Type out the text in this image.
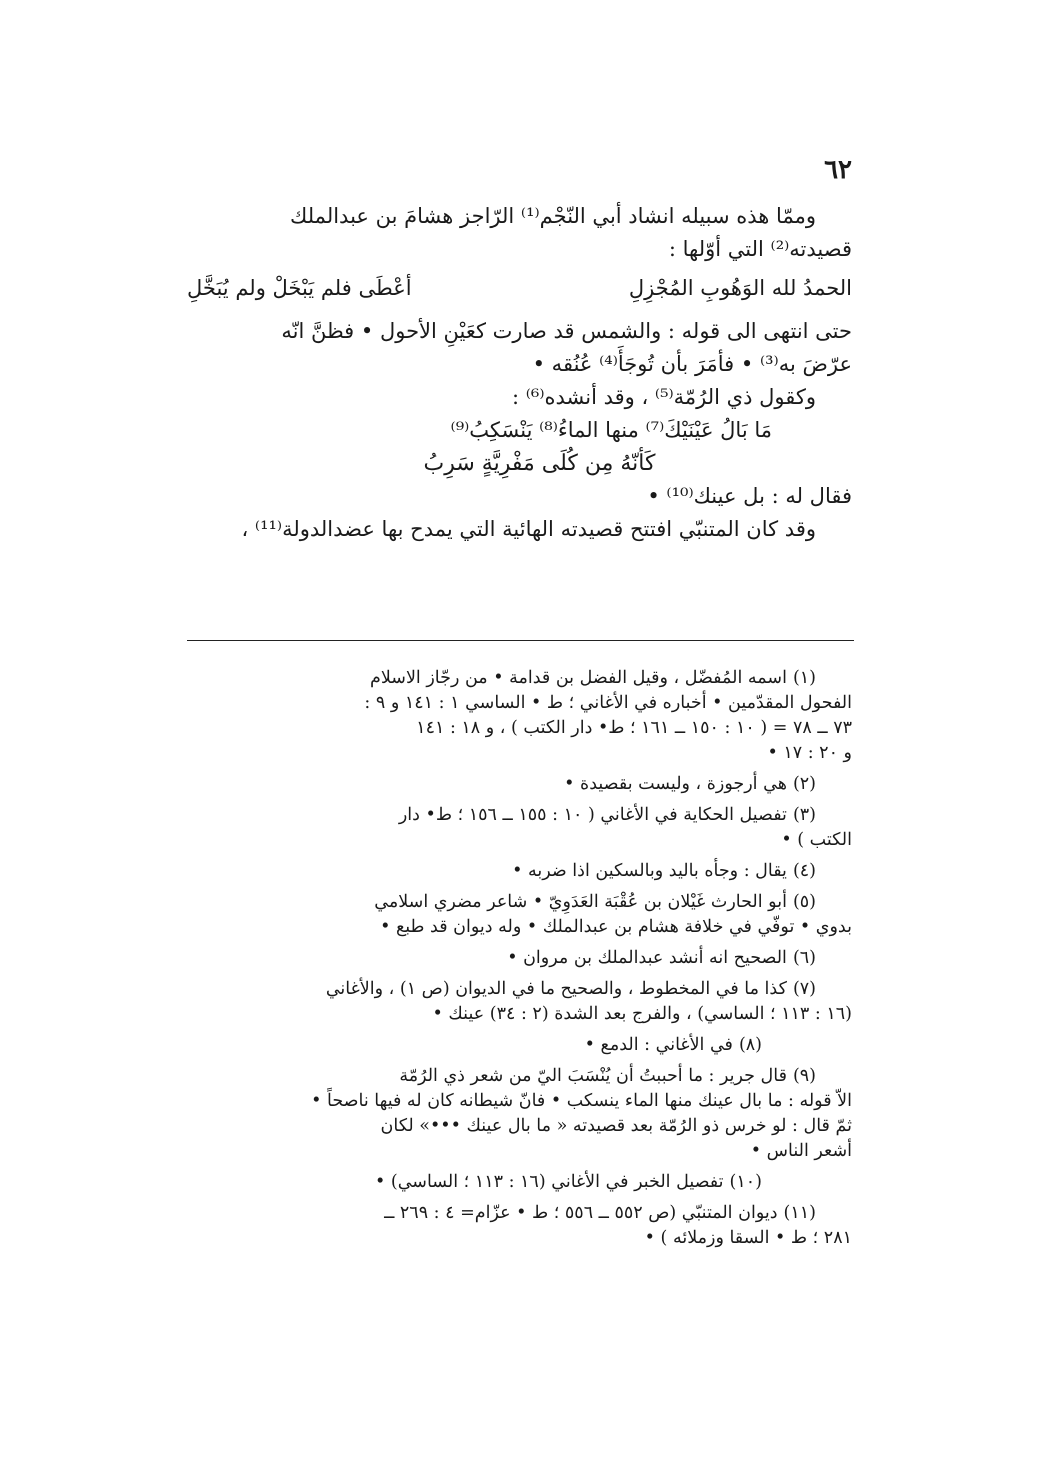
٦٢

وممّا هذه سبيله انشاد أبي النّجْم⁽¹⁾ الرّاجز هشامَ بن عبدالملك

قصيدته⁽²⁾ التي أوّلها :

الحمدُ لله الوَهُوبِ المُجْزِلِ
أعْطَى فلم يَبْخَلْ ولم يُبَخَّلِ

حتى انتهى الى قوله : والشمس قد صارت كعَيْنِ الأحول • فظنَّ انّه

عرّضَ به⁽³⁾ • فأمَرَ بأن تُوجَأَ⁽⁴⁾ عُنُقه •

وكقول ذي الرُمّة⁽⁵⁾ ، وقد أنشده⁽⁶⁾ :

مَا بَالُ عَيْنَيْكَ⁽⁷⁾ منها الماءُ⁽⁸⁾ يَنْسَكِبُ⁽⁹⁾

كَأنّهُ مِن كُلَى مَفْرِيَّةٍ سَرِبُ

فقال له : بل عينك⁽¹⁰⁾ •

وقد كان المتنبّي افتتح قصيدته الهائية التي يمدح بها عضدالدولة⁽¹¹⁾ ،

(١)اسمه المُفضّل ، وقيل الفضل بن قدامة • من رجّاز الاسلام

الفحول المقدّمين • أخباره في الأغاني ؛ ط • الساسي ١ : ١٤١ و ٩ :

٧٣ ــ ٧٨ = ( ١٠ : ١٥٠ ــ ١٦١ ؛ ط• دار الكتب ) ، و ١٨ : ١٤١

و ٢٠ : ١٧ •

(٢)هي أرجوزة ، وليست بقصيدة •

(٣)تفصيل الحكاية في الأغاني ( ١٠ : ١٥٥ ــ ١٥٦ ؛ ط• دار

الكتب ) •

(٤)يقال : وجأه باليد وبالسكين اذا ضربه •

(٥)أبو الحارث غَيْلان بن عُقْبَة العَدَوِيّ • شاعر مضري اسلامي

بدوي • توفّي في خلافة هشام بن عبدالملك • وله ديوان قد طبع •

(٦)الصحيح انه أنشد عبدالملك بن مروان •

(٧)كذا ما في المخطوط ، والصحيح ما في الديوان (ص ١) ، والأغاني

(١٦ : ١١٣ ؛ الساسي) ، والفرج بعد الشدة (٢ : ٣٤) عينك •

(٨)في الأغاني : الدمع •

(٩)قال جرير : ما أحببتُ أن يُنْسَبَ اليّ من شعر ذي الرُمّة

الاّ قوله : ما بال عينك منها الماء ينسكب • فانّ شيطانه كان له فيها ناصحاً •

ثمّ قال : لو خرس ذو الرُمّة بعد قصيدته « ما بال عينك •••» لكان

أشعر الناس •

(١٠)تفصيل الخبر في الأغاني (١٦ : ١١٣ ؛ الساسي) •

(١١)ديوان المتنبّي (ص ٥٥٢ ــ ٥٥٦ ؛ ط • عزّام= ٤ : ٢٦٩ ــ

٢٨١ ؛ ط • السقا وزملائه ) •
